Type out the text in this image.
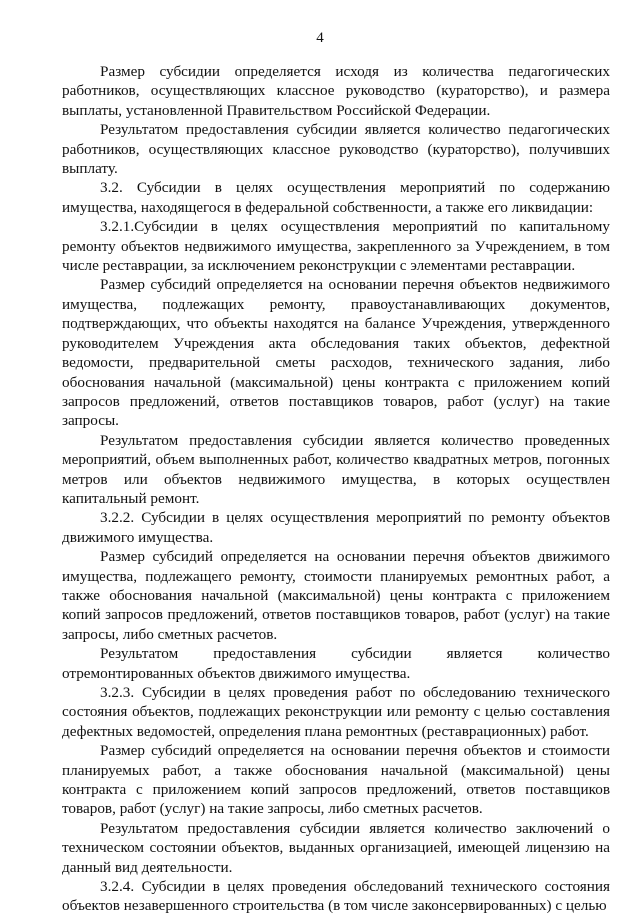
4

Размер субсидии определяется исходя из количества педагогических работников, осуществляющих классное руководство (кураторство), и размера выплаты, установленной Правительством Российской Федерации.

Результатом предоставления субсидии является количество педагогических работников, осуществляющих классное руководство (кураторство), получивших выплату.

3.2. Субсидии в целях осуществления мероприятий по содержанию имущества, находящегося в федеральной собственности, а также его ликвидации:

3.2.1.Субсидии в целях осуществления мероприятий по капитальному ремонту объектов недвижимого имущества, закрепленного за Учреждением, в том числе реставрации, за исключением реконструкции с элементами реставрации.

Размер субсидий определяется на основании перечня объектов недвижимого имущества, подлежащих ремонту, правоустанавливающих документов, подтверждающих, что объекты находятся на балансе Учреждения, утвержденного руководителем Учреждения акта обследования таких объектов, дефектной ведомости, предварительной сметы расходов, технического задания, либо обоснования начальной (максимальной) цены контракта с приложением копий запросов предложений, ответов поставщиков товаров, работ (услуг) на такие запросы.

Результатом предоставления субсидии является количество проведенных мероприятий, объем выполненных работ, количество квадратных метров, погонных метров или объектов недвижимого имущества, в которых осуществлен капитальный ремонт.

3.2.2. Субсидии в целях осуществления мероприятий по ремонту объектов движимого имущества.

Размер субсидий определяется на основании перечня объектов движимого имущества, подлежащего ремонту, стоимости планируемых ремонтных работ, а также обоснования начальной (максимальной) цены контракта с приложением копий запросов предложений, ответов поставщиков товаров, работ (услуг) на такие запросы, либо сметных расчетов.

Результатом предоставления субсидии является количество отремонтированных объектов движимого имущества.

3.2.3. Субсидии в целях проведения работ по обследованию технического состояния объектов, подлежащих реконструкции или ремонту с целью составления дефектных ведомостей, определения плана ремонтных (реставрационных) работ.

Размер субсидий определяется на основании перечня объектов и стоимости планируемых работ, а также обоснования начальной (максимальной) цены контракта с приложением копий запросов предложений, ответов поставщиков товаров, работ (услуг) на такие запросы, либо сметных расчетов.

Результатом предоставления субсидии является количество заключений о техническом состоянии объектов, выданных организацией, имеющей лицензию на данный вид деятельности.

3.2.4. Субсидии в целях проведения обследований технического состояния объектов незавершенного строительства (в том числе законсервированных) с целью
